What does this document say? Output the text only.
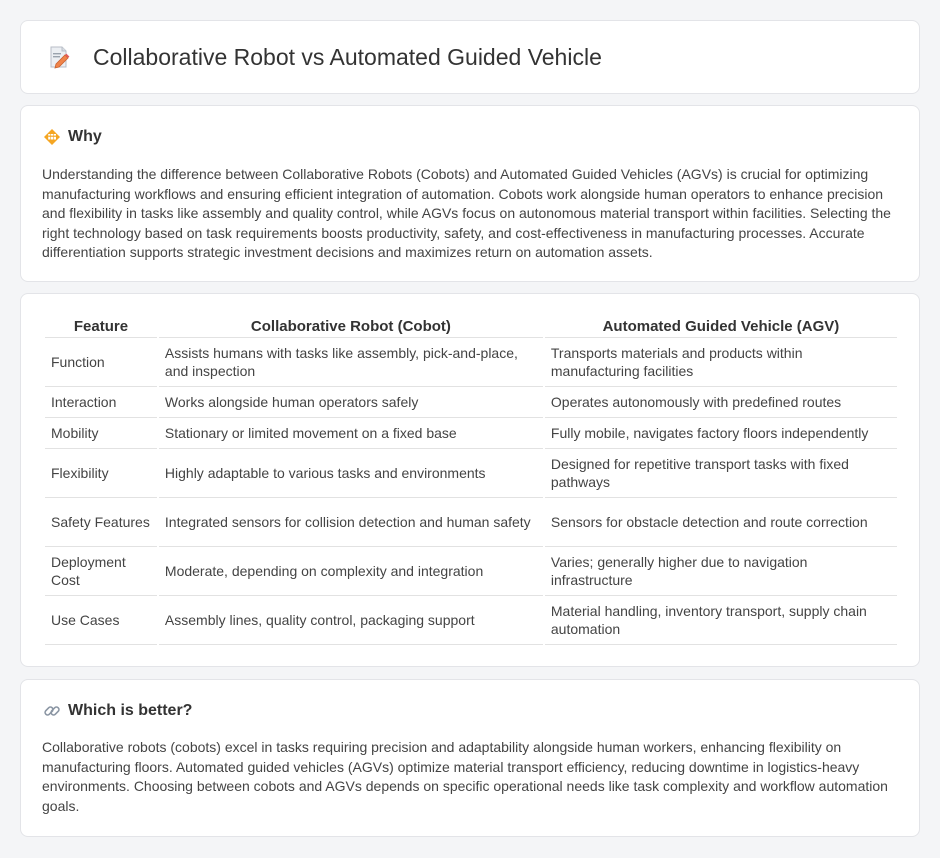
Collaborative Robot vs Automated Guided Vehicle
Why

Understanding the difference between Collaborative Robots (Cobots) and Automated Guided Vehicles (AGVs) is crucial for optimizing manufacturing workflows and ensuring efficient integration of automation. Cobots work alongside human operators to enhance precision and flexibility in tasks like assembly and quality control, while AGVs focus on autonomous material transport within facilities. Selecting the right technology based on task requirements boosts productivity, safety, and cost-effectiveness in manufacturing processes. Accurate differentiation supports strategic investment decisions and maximizes return on automation assets.

Feature	Collaborative Robot (Cobot)	Automated Guided Vehicle (AGV)
Function	Assists humans with tasks like assembly, pick-and-place, and inspection	Transports materials and products within manufacturing facilities
Interaction	Works alongside human operators safely	Operates autonomously with predefined routes
Mobility	Stationary or limited movement on a fixed base	Fully mobile, navigates factory floors independently
Flexibility	Highly adaptable to various tasks and environments	Designed for repetitive transport tasks with fixed pathways
Safety Features	Integrated sensors for collision detection and human safety	Sensors for obstacle detection and route correction
Deployment Cost	Moderate, depending on complexity and integration	Varies; generally higher due to navigation infrastructure
Use Cases	Assembly lines, quality control, packaging support	Material handling, inventory transport, supply chain automation
Which is better?

Collaborative robots (cobots) excel in tasks requiring precision and adaptability alongside human workers, enhancing flexibility on manufacturing floors. Automated guided vehicles (AGVs) optimize material transport efficiency, reducing downtime in logistics-heavy environments. Choosing between cobots and AGVs depends on specific operational needs like task complexity and workflow automation goals.
